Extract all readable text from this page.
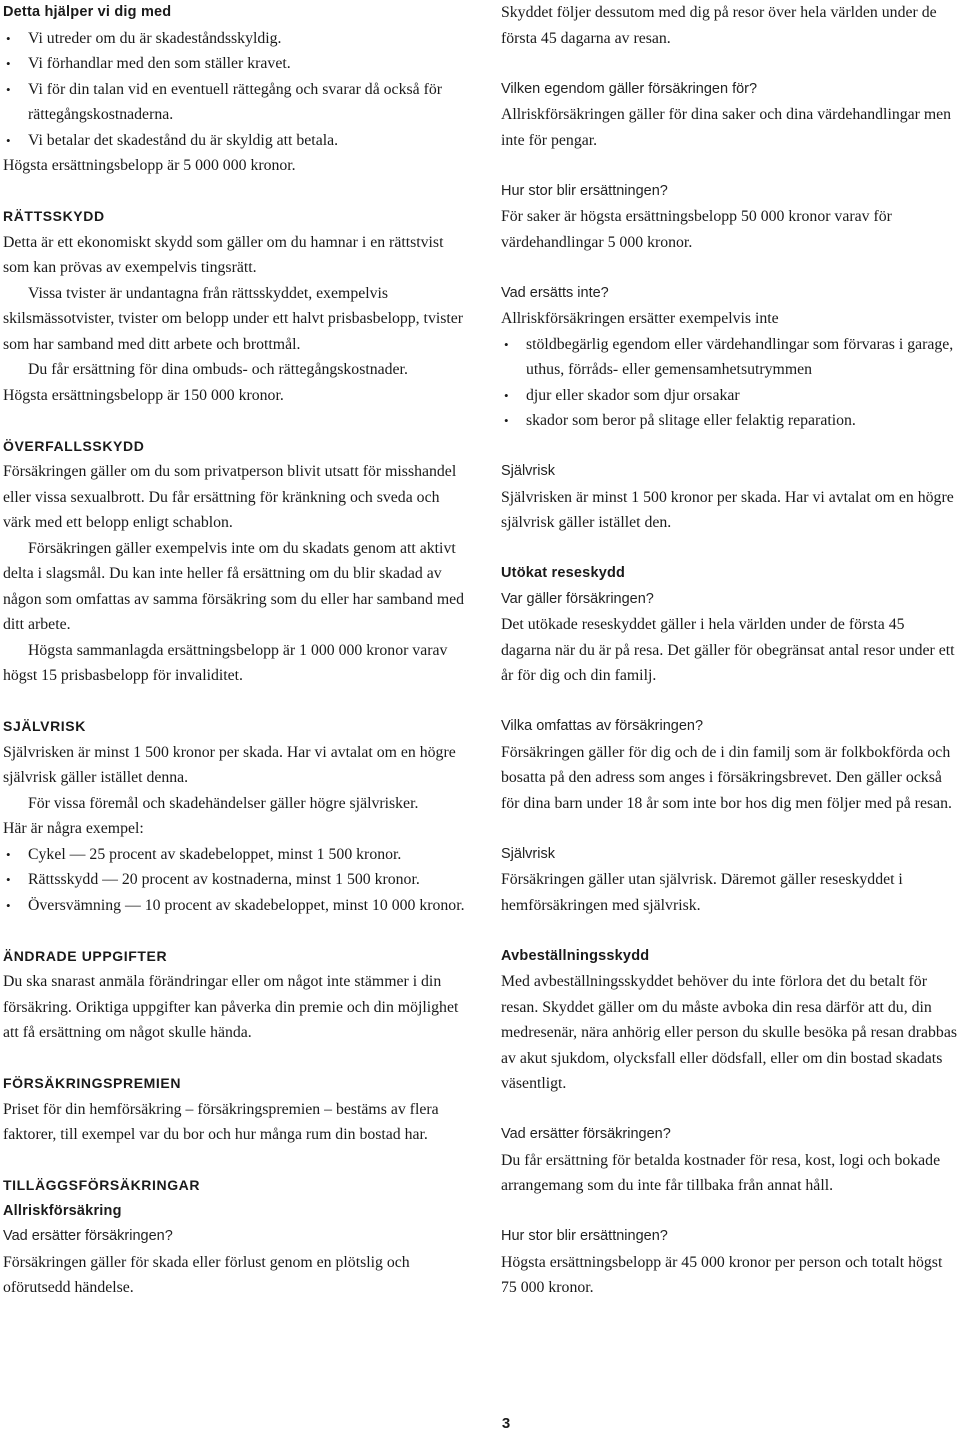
Detta hjälper vi dig med
• Vi utreder om du är skadeståndsskyldig.
• Vi förhandlar med den som ställer kravet.
• Vi för din talan vid en eventuell rättegång och svarar då också för rättegångskostnaderna.
• Vi betalar det skadestånd du är skyldig att betala.

Högsta ersättningsbelopp är 5 000 000 kronor.

RÄTTSSKYDD

Detta är ett ekonomiskt skydd som gäller om du hamnar i en rättstvist som kan prövas av exempelvis tingsrätt.

Vissa tvister är undantagna från rättsskyddet, exempelvis skilsmässotvister, tvister om belopp under ett halvt prisbasbelopp, tvister som har samband med ditt arbete och brottmål.

Du får ersättning för dina ombuds- och rättegångskostnader.

Högsta ersättningsbelopp är 150 000 kronor.

ÖVERFALLSSKYDD

Försäkringen gäller om du som privatperson blivit utsatt för misshandel eller vissa sexualbrott. Du får ersättning för kränkning och sveda och värk med ett belopp enligt schablon.

Försäkringen gäller exempelvis inte om du skadats genom att aktivt delta i slagsmål. Du kan inte heller få ersättning om du blir skadad av någon som omfattas av samma försäkring som du eller har samband med ditt arbete.

Högsta sammanlagda ersättningsbelopp är 1 000 000 kronor varav högst 15 prisbasbelopp för invaliditet.

SJÄLVRISK

Självrisken är minst 1 500 kronor per skada. Har vi avtalat om en högre självrisk gäller istället denna.

För vissa föremål och skadehändelser gäller högre självrisker.

Här är några exempel:

• Cykel — 25 procent av skadebeloppet, minst 1 500 kronor.
• Rättsskydd — 20 procent av kostnaderna, minst 1 500 kronor.
• Översvämning — 10 procent av skadebeloppet, minst 10 000 kronor.
ÄNDRADE UPPGIFTER

Du ska snarast anmäla förändringar eller om något inte stämmer i din försäkring. Oriktiga uppgifter kan påverka din premie och din möjlighet att få ersättning om något skulle hända.

FÖRSÄKRINGSPREMIEN

Priset för din hemförsäkring – försäkringspremien – bestäms av flera faktorer, till exempel var du bor och hur många rum din bostad har.

TILLÄGGSFÖRSÄKRINGAR
Allriskförsäkring
Vad ersätter försäkringen?

Försäkringen gäller för skada eller förlust genom en plötslig och oförutsedd händelse.

Skyddet följer dessutom med dig på resor över hela världen under de första 45 dagarna av resan.

Vilken egendom gäller försäkringen för?

Allriskförsäkringen gäller för dina saker och dina värdehandlingar men inte för pengar.

Hur stor blir ersättningen?

För saker är högsta ersättningsbelopp 50 000 kronor varav för värdehandlingar 5 000 kronor.

Vad ersätts inte?

Allriskförsäkringen ersätter exempelvis inte

• stöldbegärlig egendom eller värdehandlingar som förvaras i garage, uthus, förråds- eller gemensamhetsutrymmen
• djur eller skador som djur orsakar
• skador som beror på slitage eller felaktig reparation.
Självrisk

Självrisken är minst 1 500 kronor per skada. Har vi avtalat om en högre självrisk gäller istället den.

Utökat reseskydd
Var gäller försäkringen?

Det utökade reseskyddet gäller i hela världen under de första 45 dagarna när du är på resa. Det gäller för obegränsat antal resor under ett år för dig och din familj.

Vilka omfattas av försäkringen?

Försäkringen gäller för dig och de i din familj som är folkbokförda och bosatta på den adress som anges i försäkringsbrevet. Den gäller också för dina barn under 18 år som inte bor hos dig men följer med på resan.

Självrisk

Försäkringen gäller utan självrisk. Däremot gäller reseskyddet i hemförsäkringen med självrisk.

Avbeställningsskydd

Med avbeställningsskyddet behöver du inte förlora det du betalt för resan. Skyddet gäller om du måste avboka din resa därför att du, din medresenär, nära anhörig eller person du skulle besöka på resan drabbas av akut sjukdom, olycksfall eller dödsfall, eller om din bostad skadats väsentligt.

Vad ersätter försäkringen?

Du får ersättning för betalda kostnader för resa, kost, logi och bokade arrangemang som du inte får tillbaka från annat håll.

Hur stor blir ersättningen?

Högsta ersättningsbelopp är 45 000 kronor per person och totalt högst 75 000 kronor.

3
